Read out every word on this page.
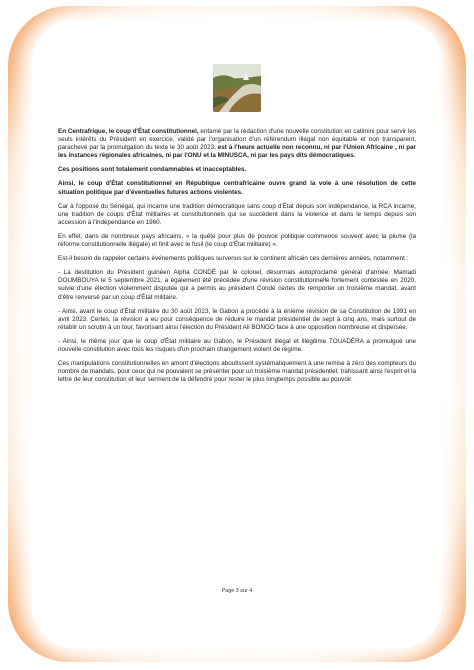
En Centrafrique, le coup d'État constitutionnel, entamé par la rédaction d'une nouvelle constitution en catimini pour servir les seuls intérêts du Président en exercice, validé par l'organisation d'un référendum illégal non équitable et non transparent, parachevé par la promulgation du texte le 30 août 2023, est à l'heure actuelle non reconnu, ni par l'Union Africaine , ni par les instances régionales africaines, ni par l'ONU et la MINUSCA, ni par les pays dits démocratiques.

Ces positions sont totalement condamnables et inacceptables.

Ainsi, le coup d'État constitutionnel en République centrafricaine ouvre grand la voie à une résolution de cette situation politique par d'éventuelles futures actions violentes.

Car à l'opposé du Sénégal, qui incarne une tradition démocratique sans coup d'État depuis son indépendance, la RCA incarne, une tradition de coups d'État militaires et constitutionnels qui se succèdent dans la violence et dans le temps depuis son accession à l'indépendance en 1960.

En effet, dans de nombreux pays africains, « la quête pour plus de pouvoir politique commence souvent avec la plume (la réforme constitutionnelle illégale) et finit avec le fusil (le coup d'État militaire) ».

Est-il besoin de rappeler certains événements politiques survenus sur le continent africain ces dernières années, notamment :

- La destitution du Président guinéen Alpha CONDÉ par le colonel, désormais autoproclamé général d'armée, Mamadi DOUMBOUYA le 5 septembre 2021, a également été précédée d'une révision constitutionnelle fortement contestée en 2020, suivie d'une élection violemment disputée qui a permis au président Condé certes de remporter un troisième mandat, avant d'être renversé par un coup d'État militaire.

- Ainsi, avant le coup d'État militaire du 30 août 2023, le Gabon a procédé à la énième révision de sa Constitution de 1991 en avril 2023. Certes, la révision a eu pour conséquence de réduire le mandat présidentiel de sept à cinq ans, mais surtout de rétablir un scrutin à un tour, favorisant ainsi l'élection du Président Ali BONGO face à une opposition nombreuse et dispersée.

- Ainsi, le même jour que le coup d'État militaire au Gabon, le Président illégal et illégitime TOUADÉRA a promulgué une nouvelle constitution avec tous les risques d'un prochain changement violent de régime.

Ces manipulations constitutionnelles en amont d'élections aboutissent systématiquement à une remise à zéro des compteurs du nombre de mandats, pour ceux qui ne pouvaient se présenter pour un troisième mandat présidentiel, trahissant ainsi l'esprit et la lettre de leur constitution et leur serment de la défendre pour rester le plus longtemps possible au pouvoir.

Page 3 sur 4
